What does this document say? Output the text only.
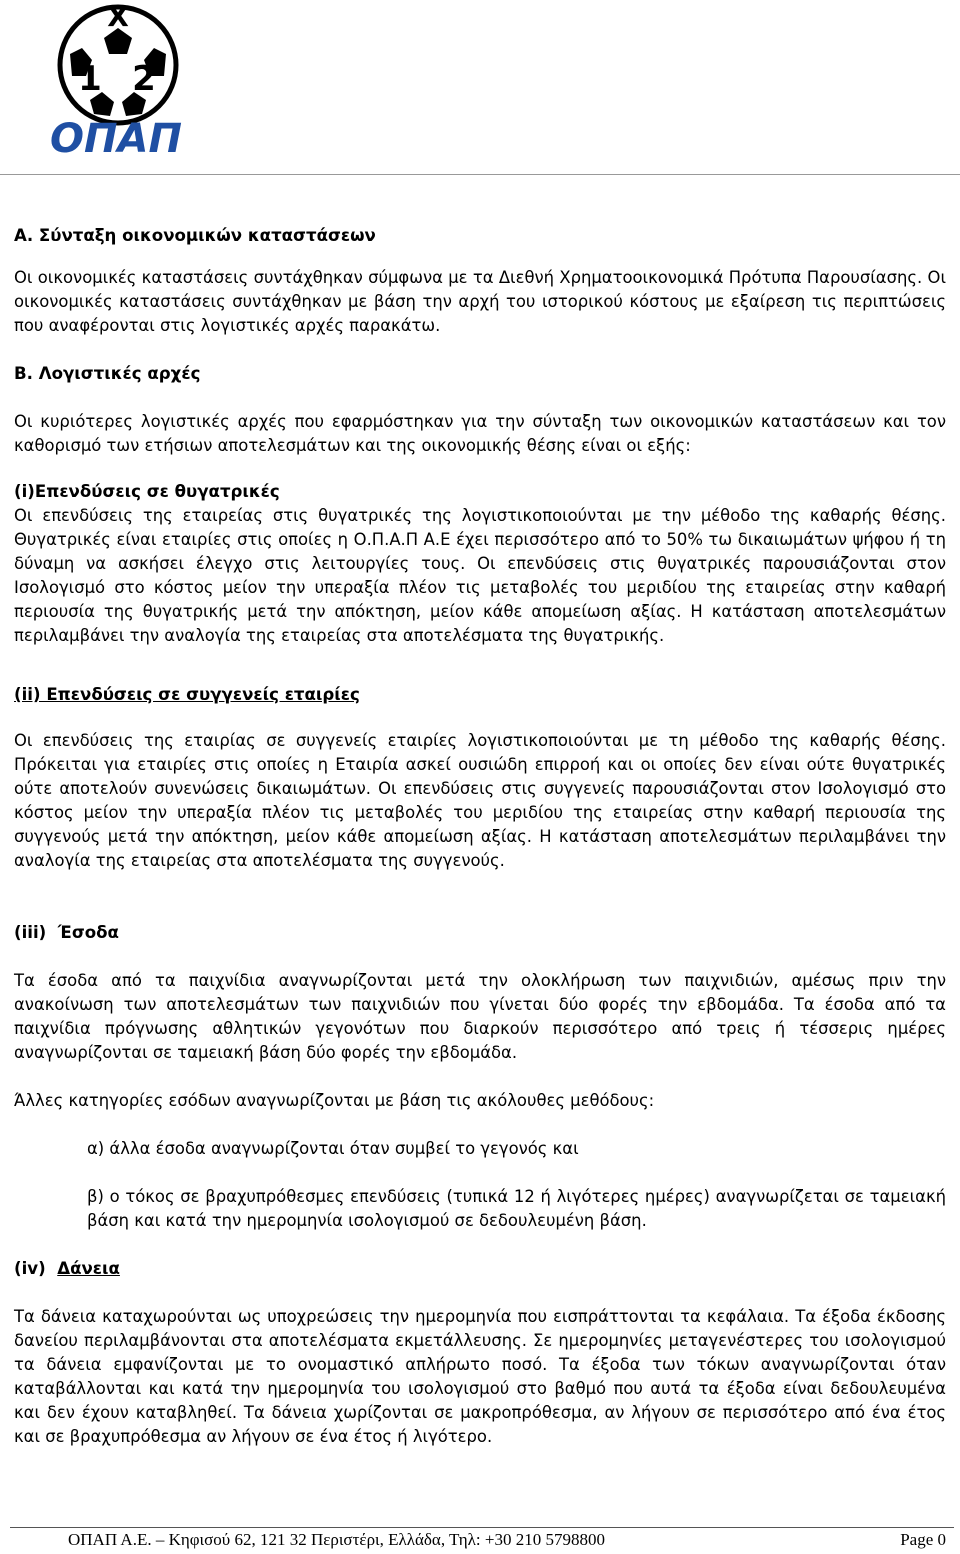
X
1 2
ΟΠΑΠ

Α. Σύνταξη οικονομικών καταστάσεων

Οι οικονομικές καταστάσεις συντάχθηκαν σύμφωνα με τα Διεθνή Χρηματοοικονομικά Πρότυπα Παρουσίασης. Οι οικονομικές καταστάσεις συντάχθηκαν με βάση την αρχή του ιστορικού κόστους με εξαίρεση τις περιπτώσεις που αναφέρονται στις λογιστικές αρχές παρακάτω.

Β. Λογιστικές αρχές

Οι κυριότερες λογιστικές αρχές που εφαρμόστηκαν για την σύνταξη των οικονομικών καταστάσεων και τον καθορισμό των ετήσιων αποτελεσμάτων και της οικονομικής θέσης είναι οι εξής:

(i)Επενδύσεις σε θυγατρικές

Οι επενδύσεις της εταιρείας στις θυγατρικές της λογιστικοποιούνται με την μέθοδο της καθαρής θέσης. Θυγατρικές είναι εταιρίες στις οποίες η Ο.Π.Α.Π Α.Ε έχει περισσότερο από το 50% τω δικαιωμάτων ψήφου ή τη δύναμη να ασκήσει έλεγχο στις λειτουργίες τους. Οι επενδύσεις στις θυγατρικές παρουσιάζονται στον Ισολογισμό στο κόστος μείον την υπεραξία πλέον τις μεταβολές του μεριδίου της εταιρείας στην καθαρή περιουσία της θυγατρικής μετά την απόκτηση, μείον κάθε απομείωση αξίας. Η κατάσταση αποτελεσμάτων περιλαμβάνει την αναλογία της εταιρείας στα αποτελέσματα της θυγατρικής.

(ii) Επενδύσεις σε συγγενείς εταιρίες

Οι επενδύσεις της εταιρίας σε συγγενείς εταιρίες λογιστικοποιούνται με τη μέθοδο της καθαρής θέσης. Πρόκειται για εταιρίες στις οποίες η Εταιρία ασκεί ουσιώδη επιρροή και οι οποίες δεν είναι ούτε θυγατρικές ούτε αποτελούν συνενώσεις δικαιωμάτων. Οι επενδύσεις στις συγγενείς παρουσιάζονται στον Ισολογισμό στο κόστος μείον την υπεραξία πλέον τις μεταβολές του μεριδίου της εταιρείας στην καθαρή περιουσία της συγγενούς μετά την απόκτηση, μείον κάθε απομείωση αξίας. Η κατάσταση αποτελεσμάτων περιλαμβάνει την αναλογία της εταιρείας στα αποτελέσματα της συγγενούς.

(iii) Έσοδα

Τα έσοδα από τα παιχνίδια αναγνωρίζονται μετά την ολοκλήρωση των παιχνιδιών, αμέσως πριν την ανακοίνωση των αποτελεσμάτων των παιχνιδιών που γίνεται δύο φορές την εβδομάδα. Τα έσοδα από τα παιχνίδια πρόγνωσης αθλητικών γεγονότων που διαρκούν περισσότερο από τρεις ή τέσσερις ημέρες αναγνωρίζονται σε ταμειακή βάση δύο φορές την εβδομάδα.

Άλλες κατηγορίες εσόδων αναγνωρίζονται με βάση τις ακόλουθες μεθόδους:

α) άλλα έσοδα αναγνωρίζονται όταν συμβεί το γεγονός και

β) ο τόκος σε βραχυπρόθεσμες επενδύσεις (τυπικά 12 ή λιγότερες ημέρες) αναγνωρίζεται σε ταμειακή βάση και κατά την ημερομηνία ισολογισμού σε δεδουλευμένη βάση.

(iv) Δάνεια

Τα δάνεια καταχωρούνται ως υποχρεώσεις την ημερομηνία που εισπράττονται τα κεφάλαια. Τα έξοδα έκδοσης δανείου περιλαμβάνονται στα αποτελέσματα εκμετάλλευσης. Σε ημερομηνίες μεταγενέστερες του ισολογισμού τα δάνεια εμφανίζονται με το ονομαστικό απλήρωτο ποσό. Τα έξοδα των τόκων αναγνωρίζονται όταν καταβάλλονται και κατά την ημερομηνία του ισολογισμού στο βαθμό που αυτά τα έξοδα είναι δεδουλευμένα και δεν έχουν καταβληθεί. Τα δάνεια χωρίζονται σε μακροπρόθεσμα, αν λήγουν σε περισσότερο από ένα έτος και σε βραχυπρόθεσμα αν λήγουν σε ένα έτος ή λιγότερο.

ΟΠΑΠ Α.Ε. – Κηφισού 62, 121 32 Περιστέρι, Ελλάδα, Τηλ: +30 210 5798800	Page 0
